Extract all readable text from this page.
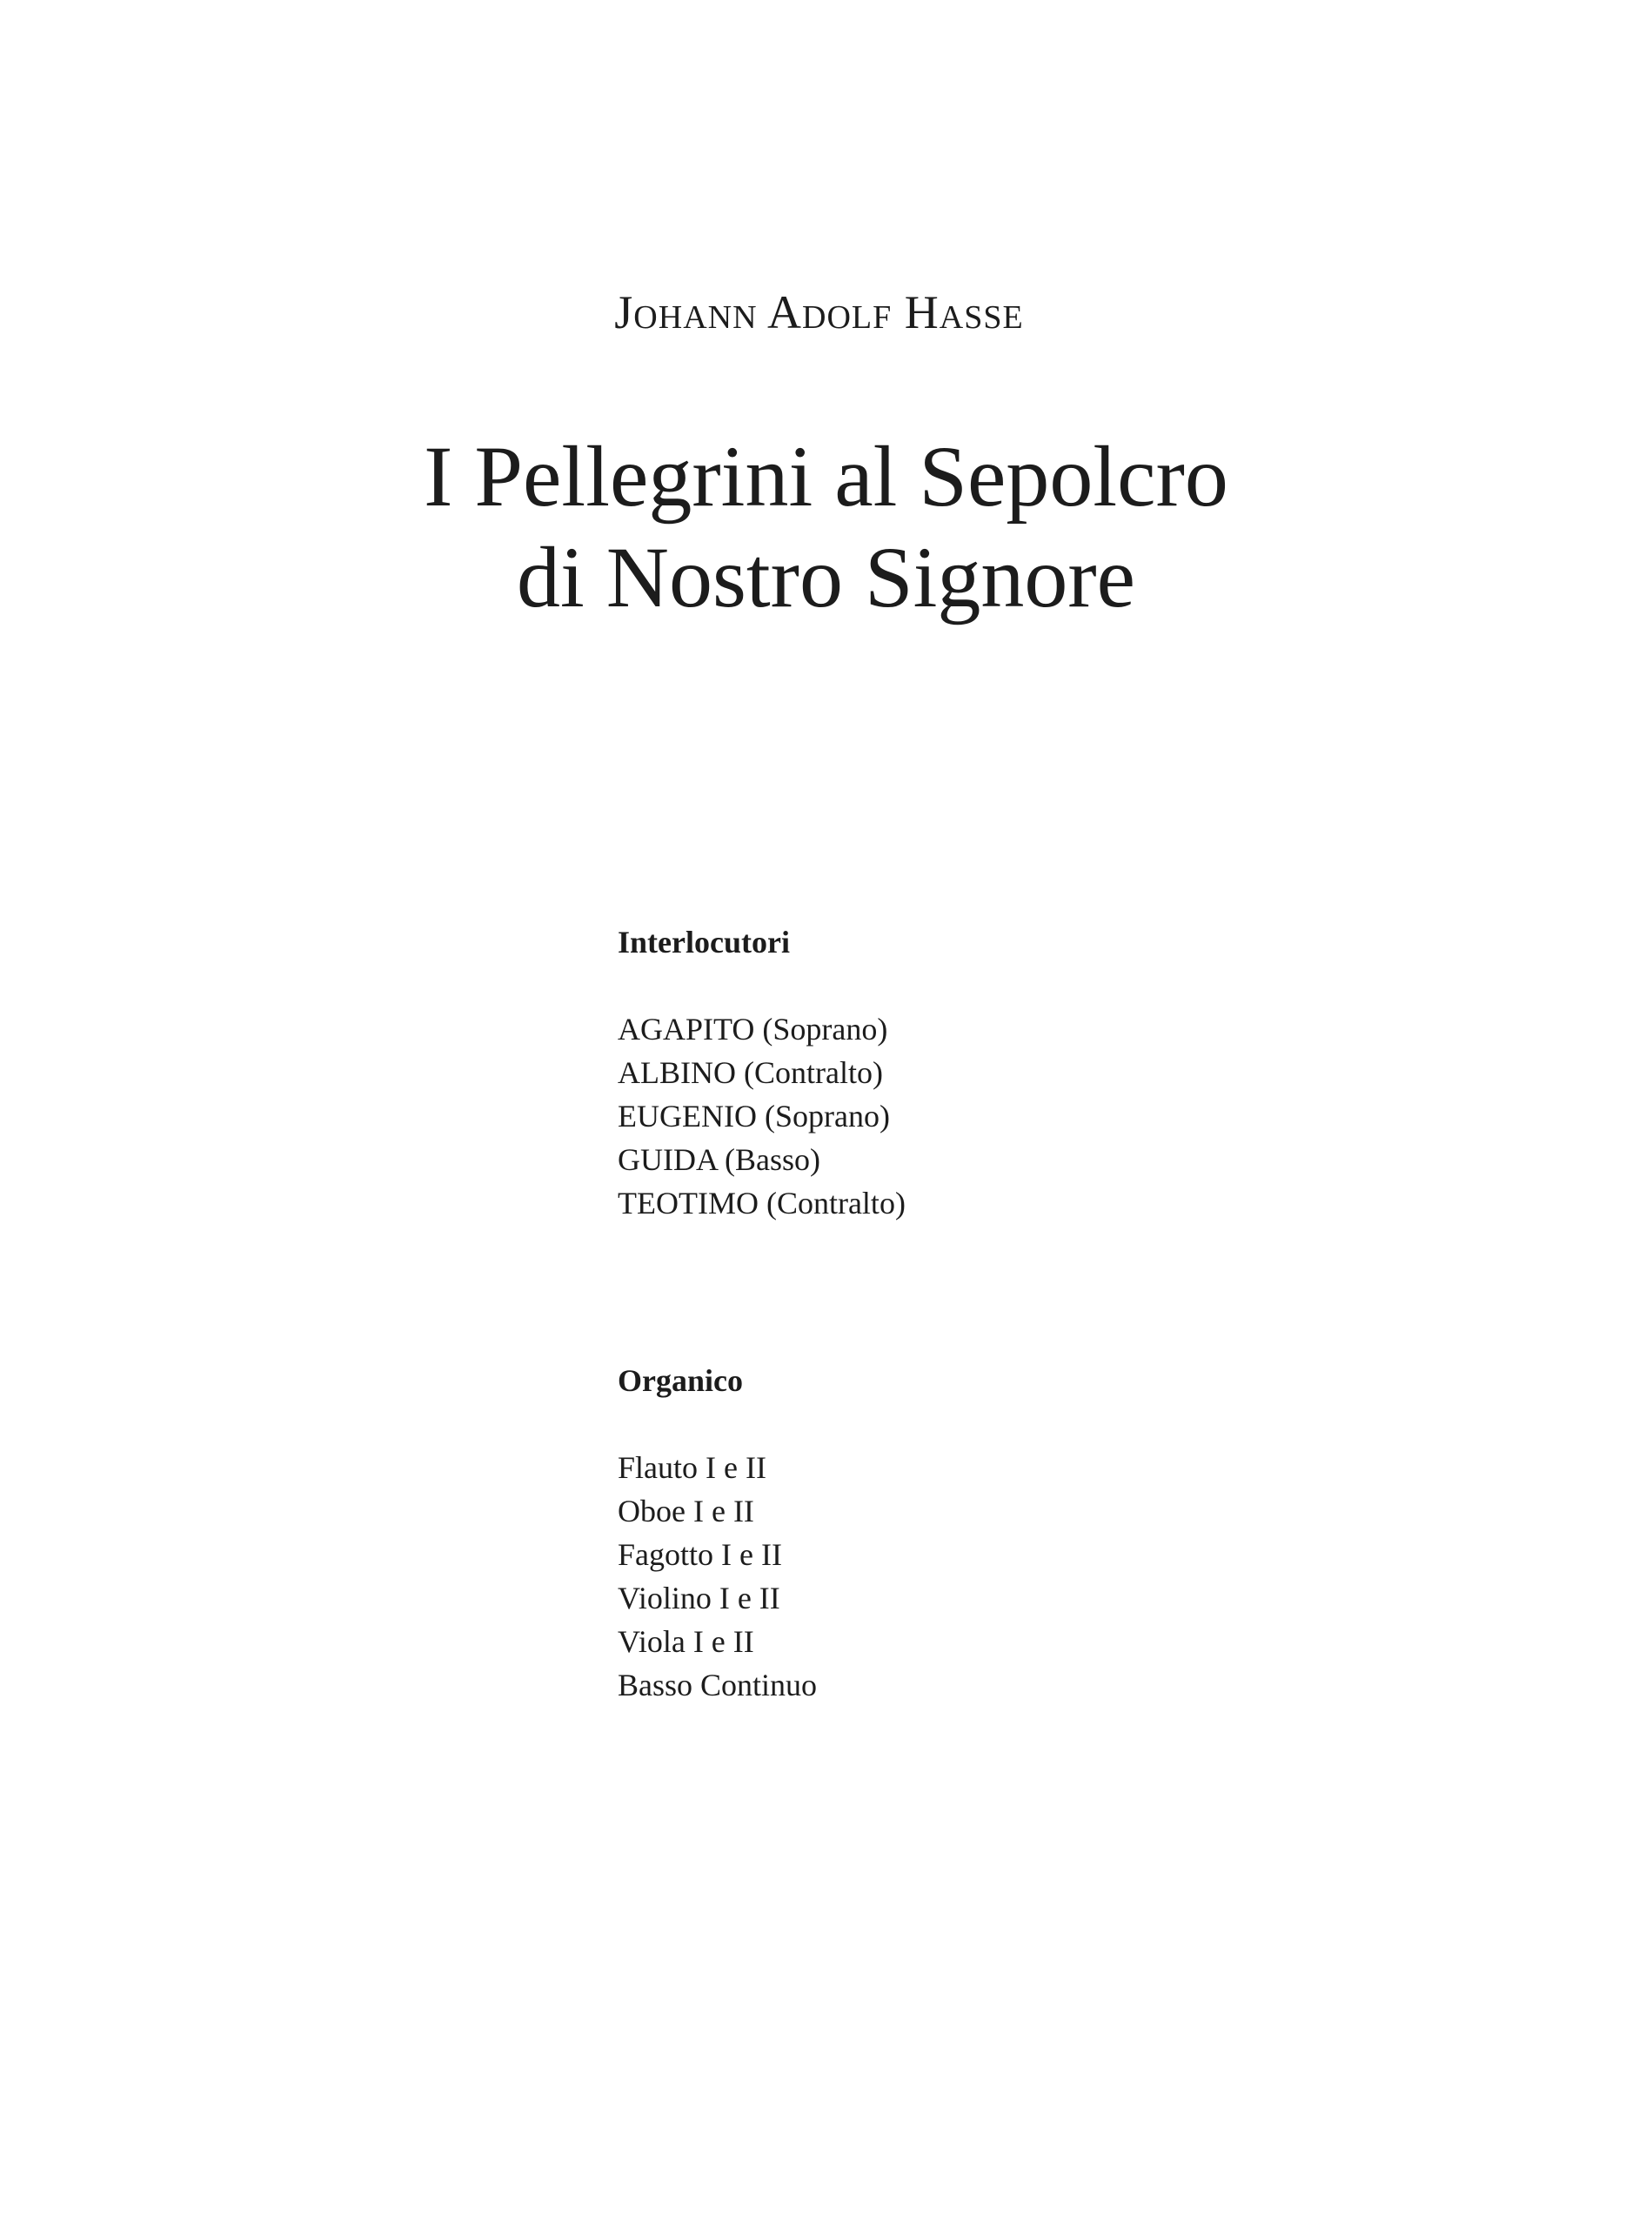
Johann Adolf Hasse
I Pellegrini al Sepolcro
di Nostro Signore
Interlocutori
AGAPITO (Soprano)
ALBINO (Contralto)
EUGENIO (Soprano)
GUIDA (Basso)
TEOTIMO (Contralto)
Organico
Flauto I e II
Oboe I e II
Fagotto I e II
Violino I e II
Viola I e II
Basso Continuo
